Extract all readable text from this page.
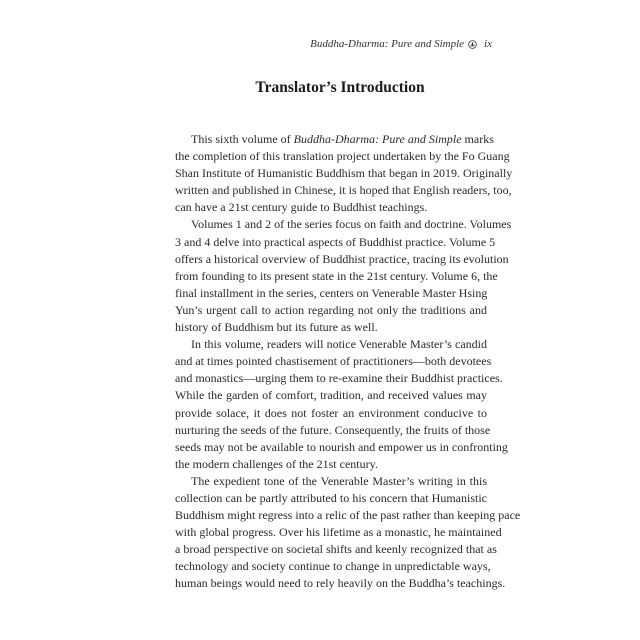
Buddha-Dharma: Pure and Simple ix
Translator’s Introduction

This sixth volume of Buddha-Dharma: Pure and Simple marks
the completion of this translation project undertaken by the Fo Guang
Shan Institute of Humanistic Buddhism that began in 2019. Originally
written and published in Chinese, it is hoped that English readers, too,
can have a 21st century guide to Buddhist teachings.

Volumes 1 and 2 of the series focus on faith and doctrine. Volumes
3 and 4 delve into practical aspects of Buddhist practice. Volume 5
offers a historical overview of Buddhist practice, tracing its evolution
from founding to its present state in the 21st century. Volume 6, the
final installment in the series, centers on Venerable Master Hsing
Yun’s urgent call to action regarding not only the traditions and
history of Buddhism but its future as well.

In this volume, readers will notice Venerable Master’s candid
and at times pointed chastisement of practitioners—both devotees
and monastics—urging them to re-examine their Buddhist practices.
While the garden of comfort, tradition, and received values may
provide solace, it does not foster an environment conducive to
nurturing the seeds of the future. Consequently, the fruits of those
seeds may not be available to nourish and empower us in confronting
the modern challenges of the 21st century.

The expedient tone of the Venerable Master’s writing in this
collection can be partly attributed to his concern that Humanistic
Buddhism might regress into a relic of the past rather than keeping pace
with global progress. Over his lifetime as a monastic, he maintained
a broad perspective on societal shifts and keenly recognized that as
technology and society continue to change in unpredictable ways,
human beings would need to rely heavily on the Buddha’s teachings.
